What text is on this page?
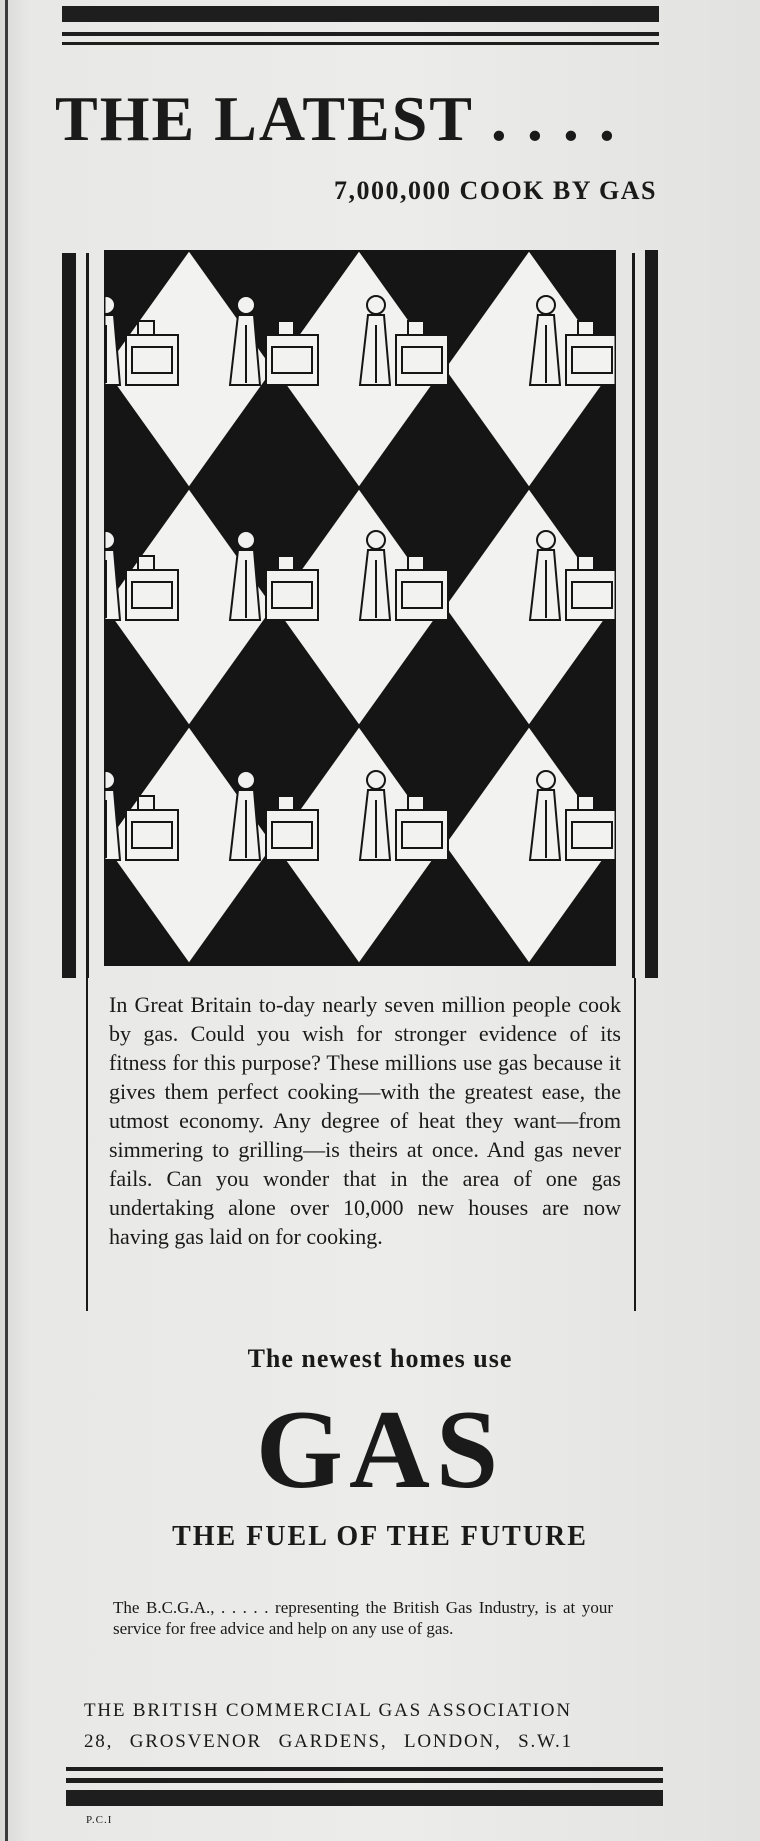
THE LATEST . . . .
7,000,000 COOK BY GAS

In Great Britain to-day nearly seven million people cook by gas. Could you wish for stronger evidence of its fitness for this purpose? These millions use gas because it gives them perfect cooking—with the greatest ease, the utmost economy. Any degree of heat they want—from simmering to grilling—is theirs at once. And gas never fails. Can you wonder that in the area of one gas undertaking alone over 10,000 new houses are now having gas laid on for cooking.

The newest homes use
GAS
THE FUEL OF THE FUTURE

The B.C.G.A., . . . . . representing the British Gas Industry, is at your service for free advice and help on any use of gas.

THE BRITISH COMMERCIAL GAS ASSOCIATION
28, GROSVENOR GARDENS, LONDON, S.W.1
P.C.I
